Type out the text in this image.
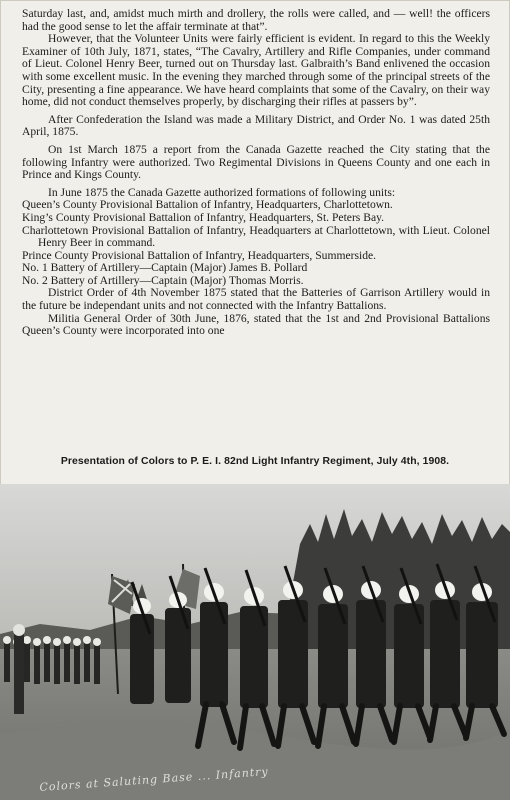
Saturday last, and, amidst much mirth and drollery, the rolls were called, and — well! the officers had the good sense to let the affair terminate at that”.

However, that the Volunteer Units were fairly efficient is evident. In regard to this the Weekly Examiner of 10th July, 1871, states, “The Cavalry, Artillery and Rifle Companies, under command of Lieut. Colonel Henry Beer, turned out on Thursday last. Galbraith’s Band enlivened the occasion with some excellent music. In the evening they marched through some of the principal streets of the City, presenting a fine appearance. We have heard complaints that some of the Cavalry, on their way home, did not conduct themselves properly, by discharging their rifles at passers by”.

After Confederation the Island was made a Military District, and Order No. 1 was dated 25th April, 1875.

On 1st March 1875 a report from the Canada Gazette reached the City stating that the following Infantry were authorized. Two Regimental Divisions in Queens County and one each in Prince and Kings County.

In June 1875 the Canada Gazette authorized formations of following units:

Queen’s County Provisional Battalion of Infantry, Headquarters, Charlottetown.

King’s County Provisional Battalion of Infantry, Headquarters, St. Peters Bay.

Charlottetown Provisional Battalion of Infantry, Headquarters at Charlottetown, with Lieut. Colonel Henry Beer in command.

Prince County Provisional Battalion of Infantry, Headquarters, Summerside.

No. 1 Battery of Artillery—Captain (Major) James B. Pollard

No. 2 Battery of Artillery—Captain (Major) Thomas Morris.

District Order of 4th November 1875 stated that the Batteries of Garrison Artillery would in the future be independant units and not connected with the Infantry Battalions.

Militia General Order of 30th June, 1876, stated that the 1st and 2nd Provisional Battalions Queen’s County were incorporated into one

Presentation of Colors to P. E. I. 82nd Light Infantry Regiment, July 4th, 1908.
Colors at Saluting Base ... Infantry
